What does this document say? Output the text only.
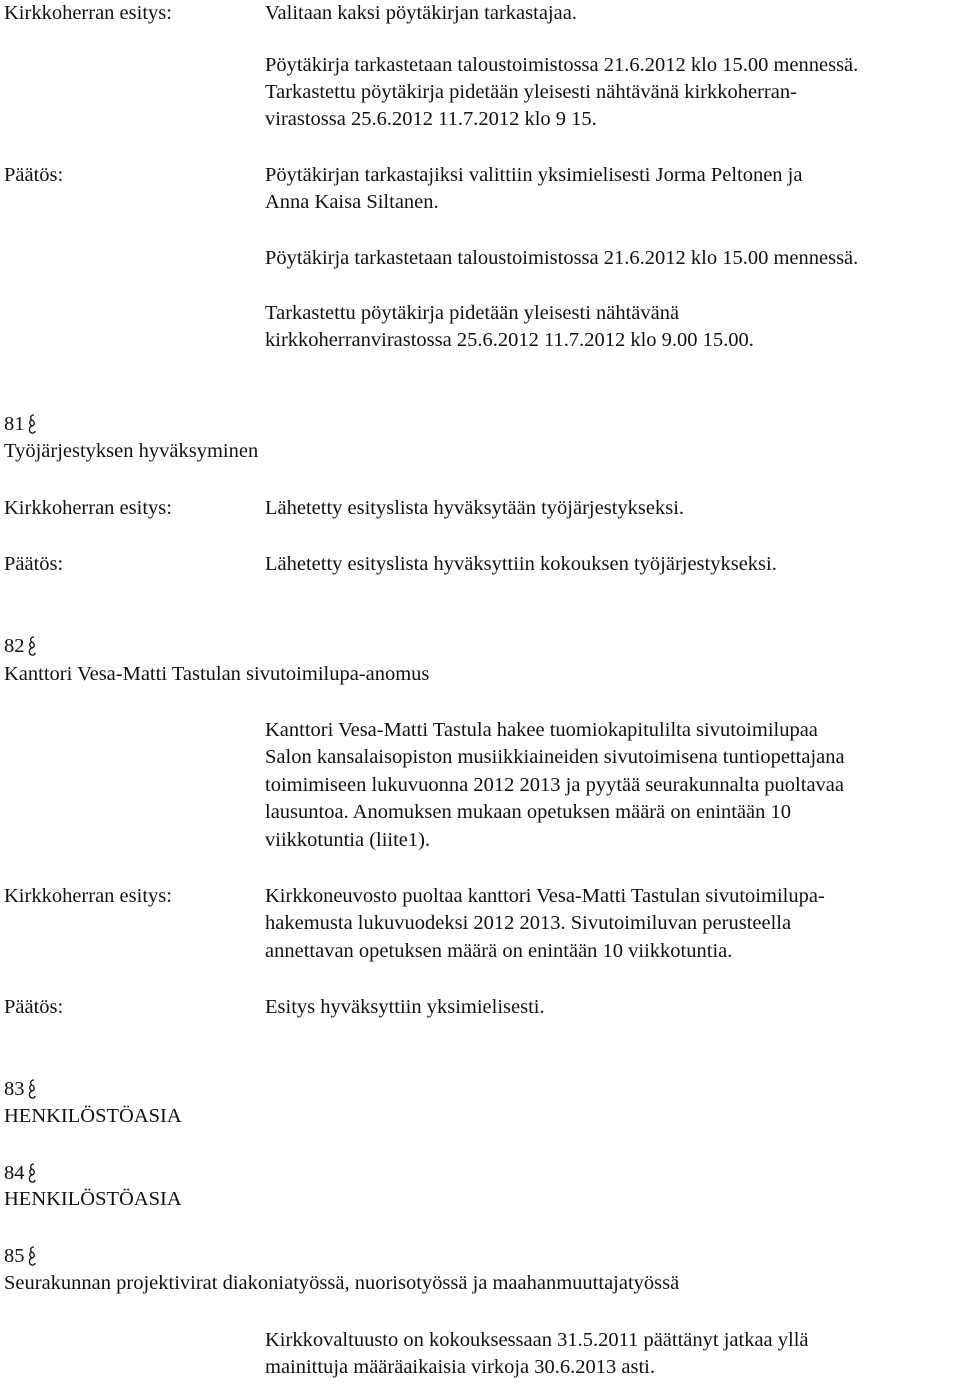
Kirkkoherran esitys:	Valitaan kaksi pöytäkirjan tarkastajaa.
Pöytäkirja tarkastetaan taloustoimistossa 21.6.2012 klo 15.00 mennessä.
Tarkastettu pöytäkirja pidetään yleisesti nähtävänä kirkkoherran-
virastossa 25.6.2012 11.7.2012 klo 9 15.
Päätös:	Pöytäkirjan tarkastajiksi valittiin yksimielisesti Jorma Peltonen ja
Anna Kaisa Siltanen.
Pöytäkirja tarkastetaan taloustoimistossa 21.6.2012 klo 15.00 mennessä.
Tarkastettu pöytäkirja pidetään yleisesti nähtävänä
kirkkoherranvirastossa 25.6.2012 11.7.2012 klo 9.00 15.00.
81
Työjärjestyksen hyväksyminen
Kirkkoherran esitys:	Lähetetty esityslista hyväksytään työjärjestykseksi.
Päätös:	Lähetetty esityslista hyväksyttiin kokouksen työjärjestykseksi.
82
Kanttori Vesa-Matti Tastulan sivutoimilupa-anomus
Kanttori Vesa-Matti Tastula hakee tuomiokapitulilta sivutoimilupaa
Salon kansalaisopiston musiikkiaineiden sivutoimisena tuntiopettajana
toimimiseen lukuvuonna 2012 2013 ja pyytää seurakunnalta puoltavaa
lausuntoa. Anomuksen mukaan opetuksen määrä on enintään 10
viikkotuntia (liite1).
Kirkkoherran esitys:	Kirkkoneuvosto puoltaa kanttori Vesa-Matti Tastulan sivutoimilupa-
hakemusta lukuvuodeksi 2012 2013. Sivutoimiluvan perusteella
annettavan opetuksen määrä on enintään 10 viikkotuntia.
Päätös:	Esitys hyväksyttiin yksimielisesti.
83
HENKILÖSTÖASIA
84
HENKILÖSTÖASIA
85
Seurakunnan projektivirat diakoniatyössä, nuorisotyössä ja maahanmuuttajatyössä
Kirkkovaltuusto on kokouksessaan 31.5.2011 päättänyt jatkaa yllä
mainittuja määräaikaisia virkoja 30.6.2013 asti.
